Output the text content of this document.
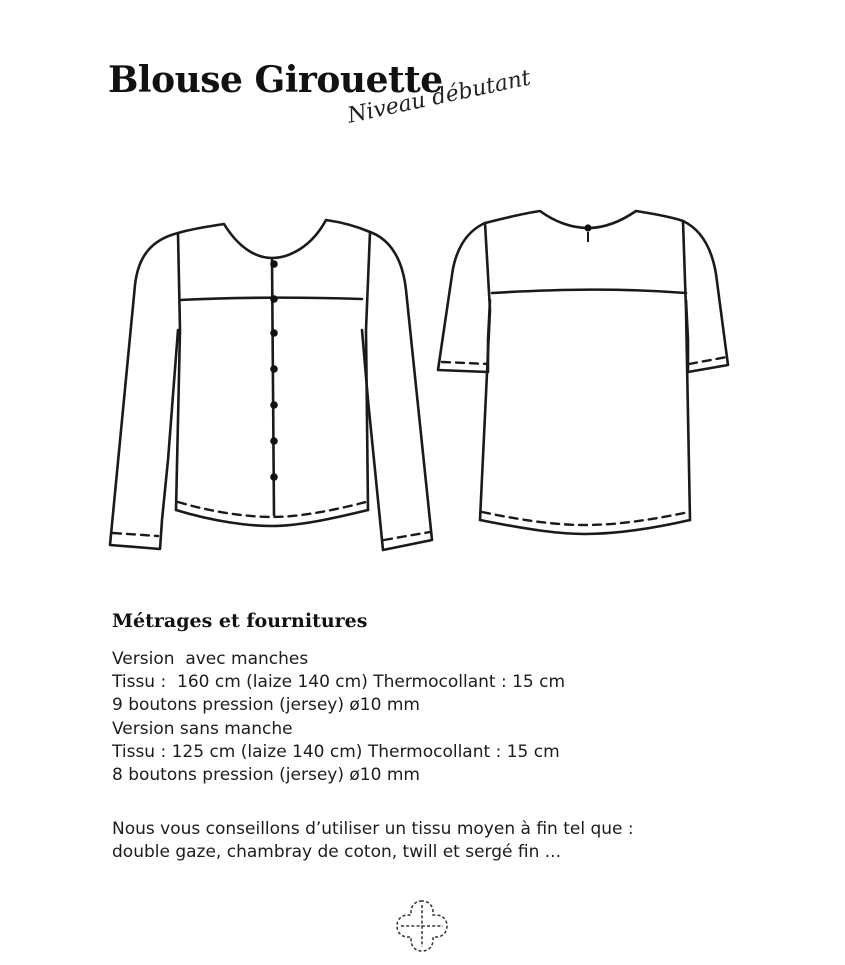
Blouse Girouette
Niveau débutant
Métrages et fournitures
Version  avec manches
Tissu :  160 cm (laize 140 cm) Thermocollant : 15 cm
9 boutons pression (jersey) ø10 mm
Version sans manche
Tissu : 125 cm (laize 140 cm) Thermocollant : 15 cm
8 boutons pression (jersey) ø10 mm
Nous vous conseillons d’utiliser un tissu moyen à fin tel que :
double gaze, chambray de coton, twill et sergé fin ...
